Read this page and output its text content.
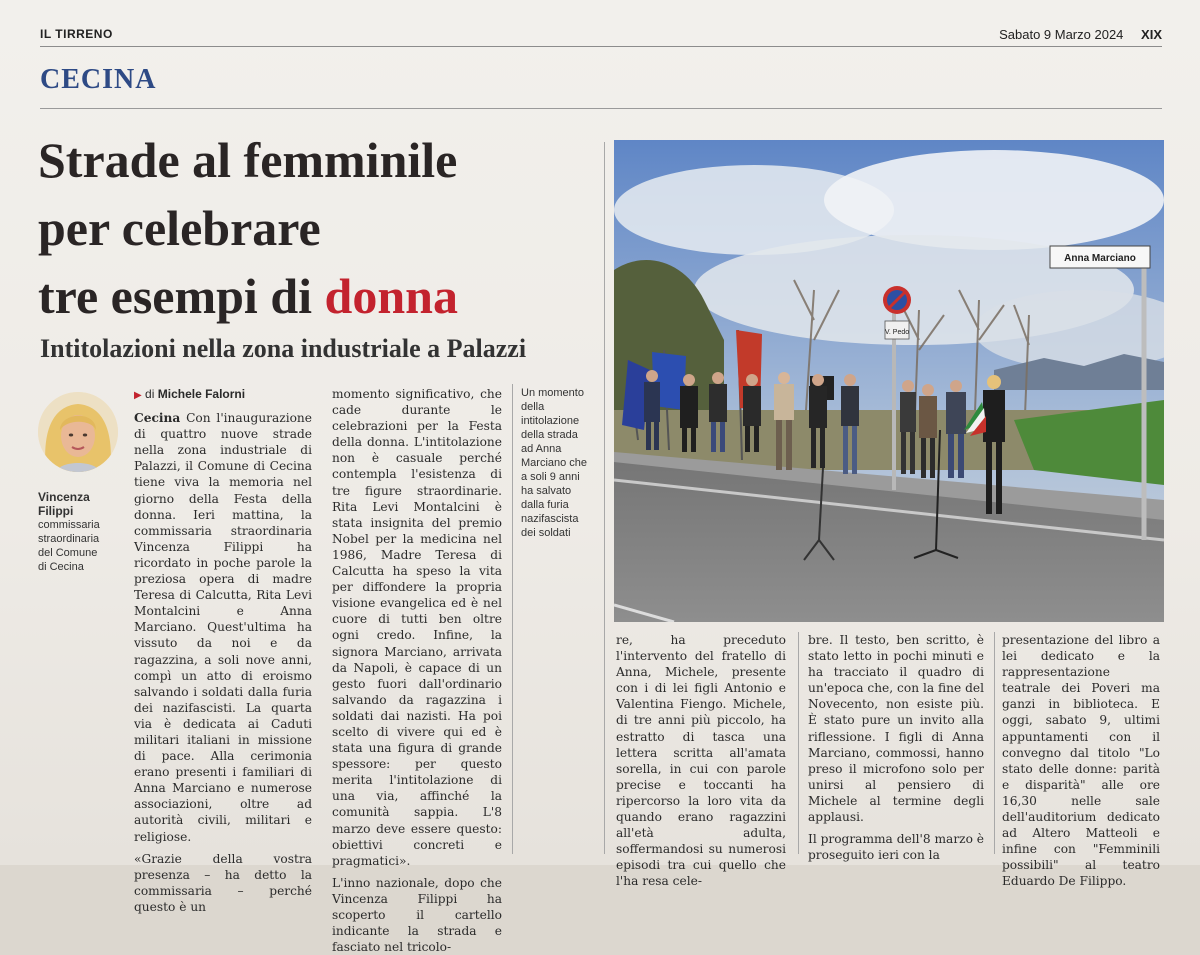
IL TIRRENO	Sabato 9 Marzo 2024 XIX
CECINA
Strade al femminile
per celebrare
tre esempi di donna
Intitolazioni nella zona industriale a Palazzi
Vincenza
Filippi
commissaria
straordinaria
del Comune
di Cecina
▶ di Michele Falorni

Cecina Con l'inaugurazione di quattro nuove strade nella zona industriale di Palazzi, il Comune di Cecina tiene viva la memoria nel giorno della Festa della donna. Ieri mattina, la commissaria straordinaria Vincenza Filippi ha ricordato in poche parole la preziosa opera di madre Teresa di Calcutta, Rita Levi Montalcini e Anna Marciano. Quest'ultima ha vissuto da noi e da ragazzina, a soli nove anni, compì un atto di eroismo salvando i soldati dalla furia dei nazifascisti. La quarta via è dedicata ai Caduti militari italiani in missione di pace. Alla cerimonia erano presenti i familiari di Anna Marciano e numerose associazioni, oltre ad autorità civili, militari e religiose.

«Grazie della vostra presenza – ha detto la commissaria – perché questo è un

momento significativo, che cade durante le celebrazioni per la Festa della donna. L'intitolazione non è casuale perché contempla l'esistenza di tre figure straordinarie. Rita Levi Montalcini è stata insignita del premio Nobel per la medicina nel 1986, Madre Teresa di Calcutta ha speso la vita per diffondere la propria visione evangelica ed è nel cuore di tutti ben oltre ogni credo. Infine, la signora Marciano, arrivata da Napoli, è capace di un gesto fuori dall'ordinario salvando da ragazzina i soldati dai nazisti. Ha poi scelto di vivere qui ed è stata una figura di grande spessore: per questo merita l'intitolazione di una via, affinché la comunità sappia. L'8 marzo deve essere questo: obiettivi concreti e pragmatici».

L'inno nazionale, dopo che Vincenza Filippi ha scoperto il cartello indicante la strada e fasciato nel tricolo-

Un momento della intitolazione della strada ad Anna Marciano che a soli 9 anni ha salvato dalla furia nazifascista dei soldati
V. Pedo
Anna Marciano

re, ha preceduto l'intervento del fratello di Anna, Michele, presente con i di lei figli Antonio e Valentina Fiengo. Michele, di tre anni più piccolo, ha estratto di tasca una lettera scritta all'amata sorella, in cui con parole precise e toccanti ha ripercorso la loro vita da quando erano ragazzini all'età adulta, soffermandosi su numerosi episodi tra cui quello che l'ha resa cele-

bre. Il testo, ben scritto, è stato letto in pochi minuti e ha tracciato il quadro di un'epoca che, con la fine del Novecento, non esiste più. È stato pure un invito alla riflessione. I figli di Anna Marciano, commossi, hanno preso il microfono solo per unirsi al pensiero di Michele al termine degli applausi.

Il programma dell'8 marzo è proseguito ieri con la

presentazione del libro a lei dedicato e la rappresentazione teatrale dei Poveri ma ganzi in biblioteca. E oggi, sabato 9, ultimi appuntamenti con il convegno dal titolo "Lo stato delle donne: parità e disparità" alle ore 16,30 nelle sale dell'auditorium dedicato ad Altero Matteoli e infine con "Femminili possibili" al teatro Eduardo De Filippo.
